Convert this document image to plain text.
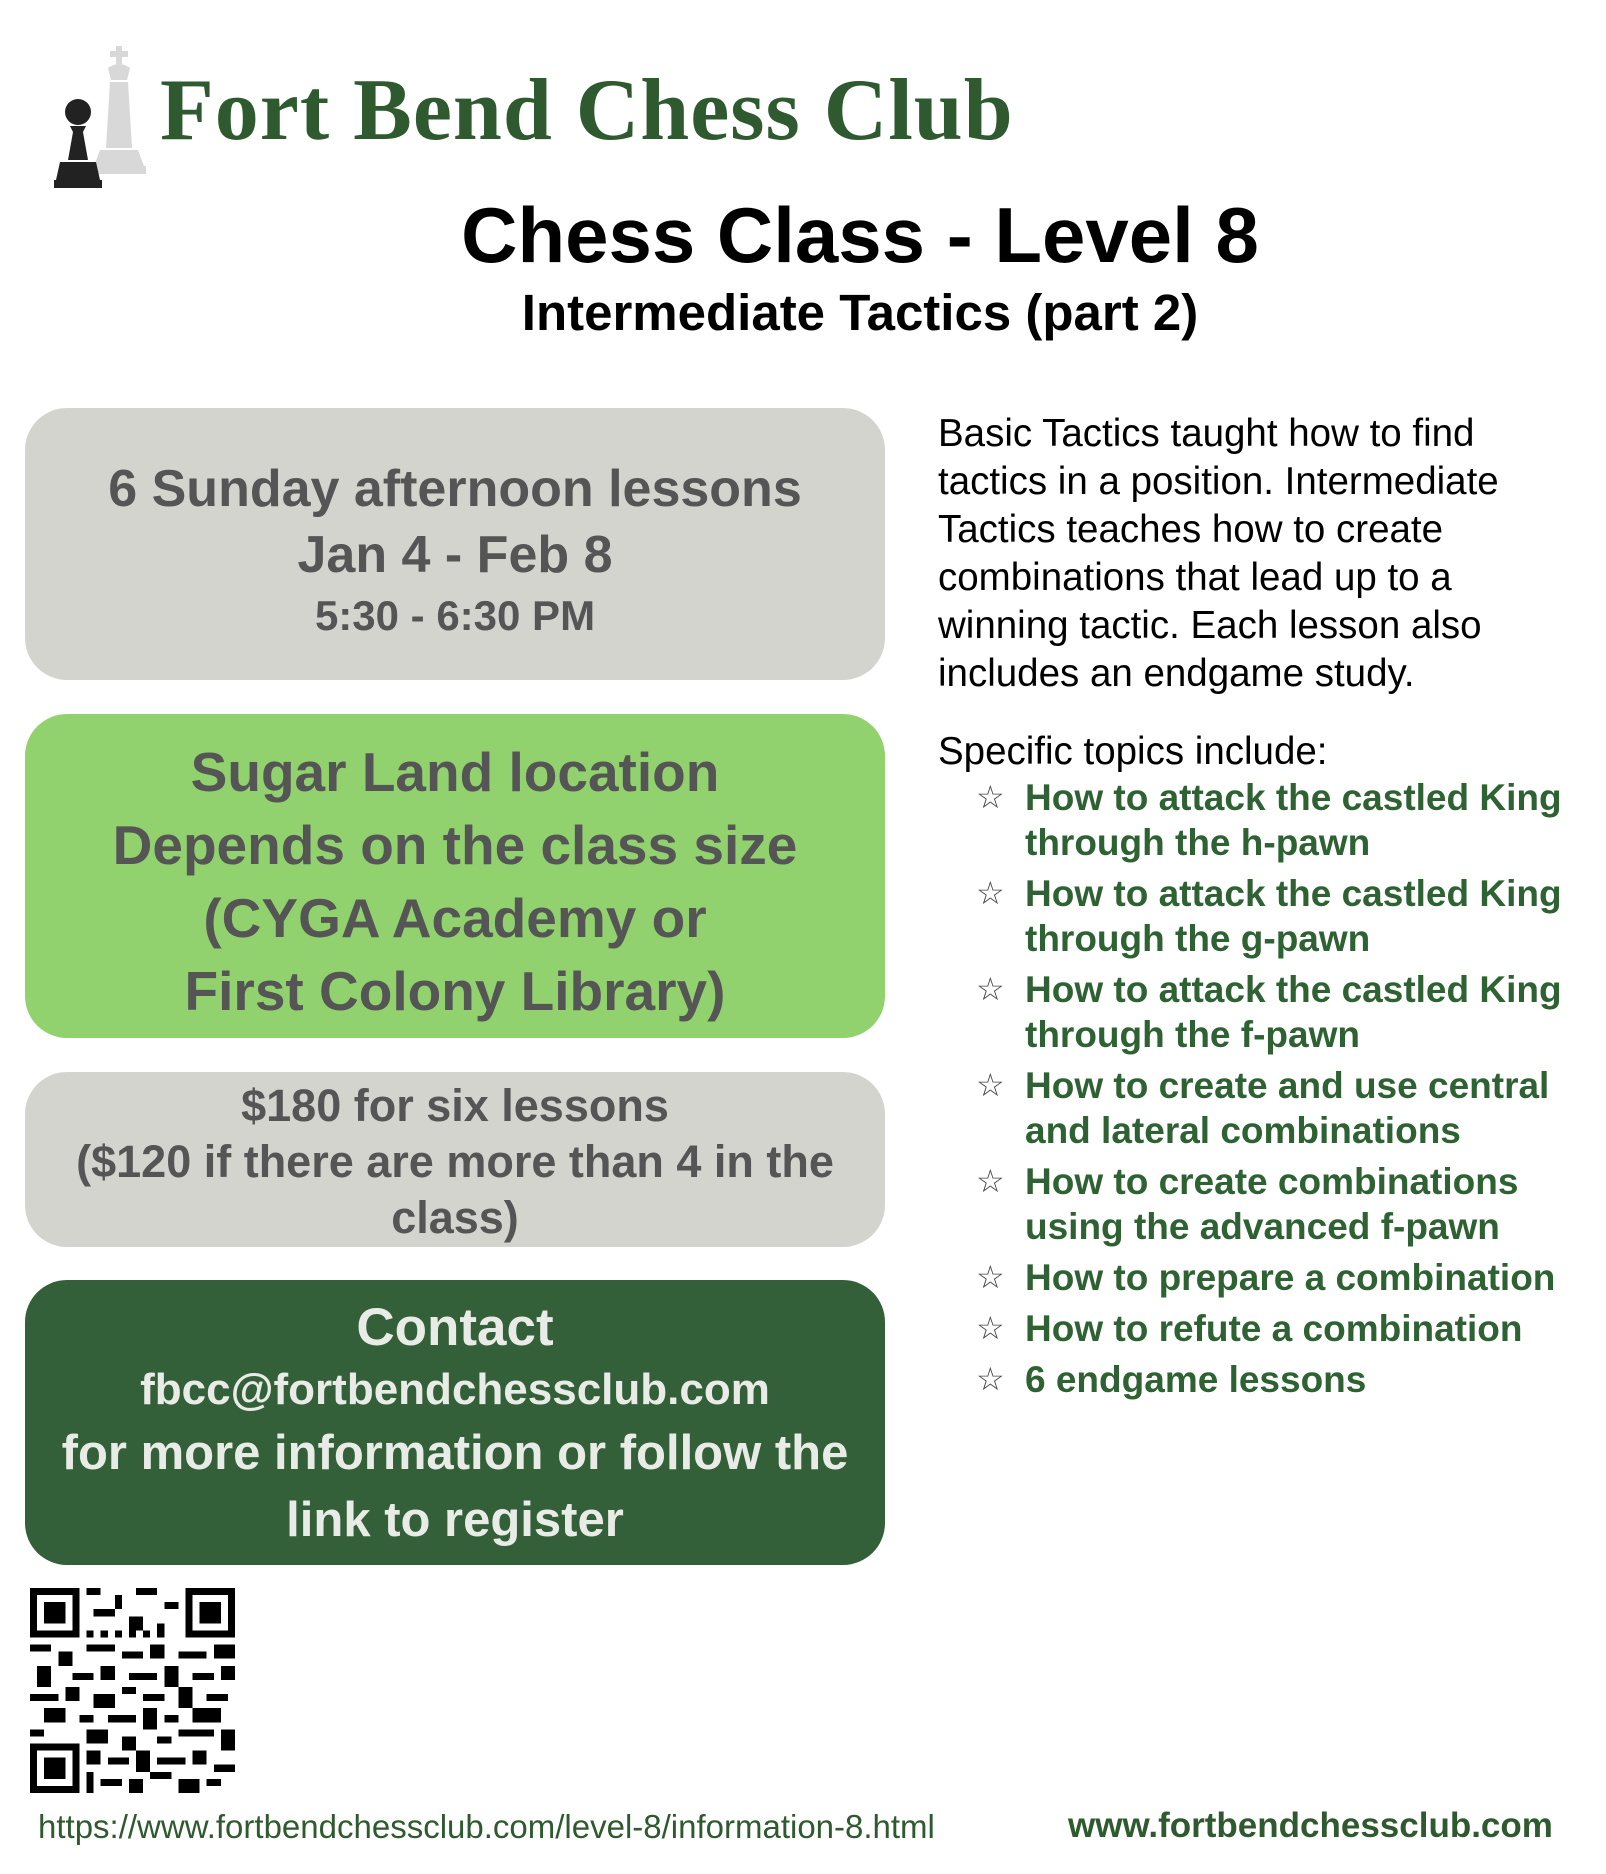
Fort Bend Chess Club
Chess Class - Level 8
Intermediate Tactics (part 2)
6 Sunday afternoon lessons
Jan 4 - Feb 8
5:30 - 6:30 PM
Sugar Land location
Depends on the class size
(CYGA Academy or
First Colony Library)
$180 for six lessons
($120 if there are more than 4 in the
class)
Contact
fbcc@fortbendchessclub.com
for more information or follow the
link to register
Basic Tactics taught how to find
tactics in a position. Intermediate
Tactics teaches how to create
combinations that lead up to a
winning tactic. Each lesson also
includes an endgame study.
Specific topics include:
☆ How to attack the castled King
through the h-pawn
☆ How to attack the castled King
through the g-pawn
☆ How to attack the castled King
through the f-pawn
☆ How to create and use central
and lateral combinations
☆ How to create combinations
using the advanced f-pawn
☆ How to prepare a combination
☆ How to refute a combination
☆ 6 endgame lessons
https://www.fortbendchessclub.com/level-8/information-8.html	www.fortbendchessclub.com
